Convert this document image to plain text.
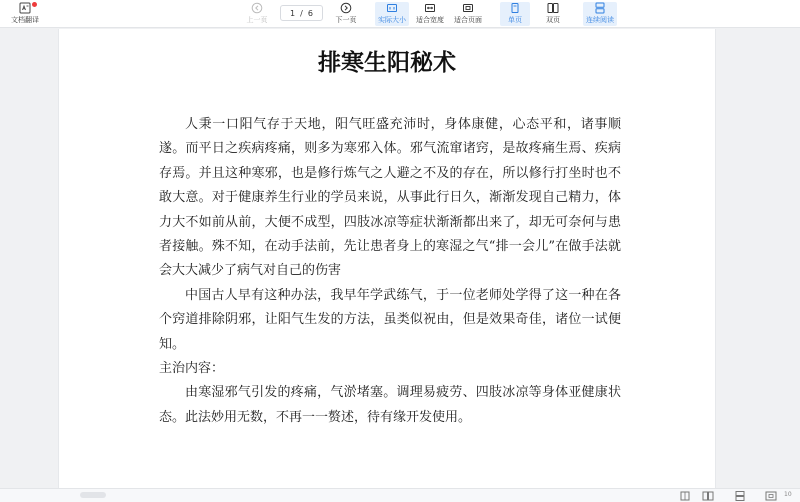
文档翻译	上一页
1 / 6
下一页	实际大小 适合宽度 适合页面	单页	双页	连续阅读
排寒生阳秘术

人秉一口阳气存于天地，阳气旺盛充沛时，身体康健，心态平和，诸事顺遂。而平日之疾病疼痛，则多为寒邪入体。邪气流窜诸窍，是故疼痛生焉、疾病存焉。并且这种寒邪，也是修行炼气之人避之不及的存在，所以修行打坐时也不敢大意。对于健康养生行业的学员来说，从事此行日久，渐渐发现自己精力，体力大不如前从前，大便不成型，四肢冰凉等症状渐渐都出来了，却无可奈何与患者接触。殊不知，在动手法前，先让患者身上的寒湿之气“排一会儿”在做手法就会大大减少了病气对自己的伤害

中国古人早有这种办法，我早年学武练气，于一位老师处学得了这一种在各个窍道排除阴邪，让阳气生发的方法，虽类似祝由，但是效果奇佳，诸位一试便知。

主治内容：

由寒湿邪气引发的疼痛，气淤堵塞。调理易疲劳、四肢冰凉等身体亚健康状态。此法妙用无数，不再一一赘述，待有缘开发使用。

10
